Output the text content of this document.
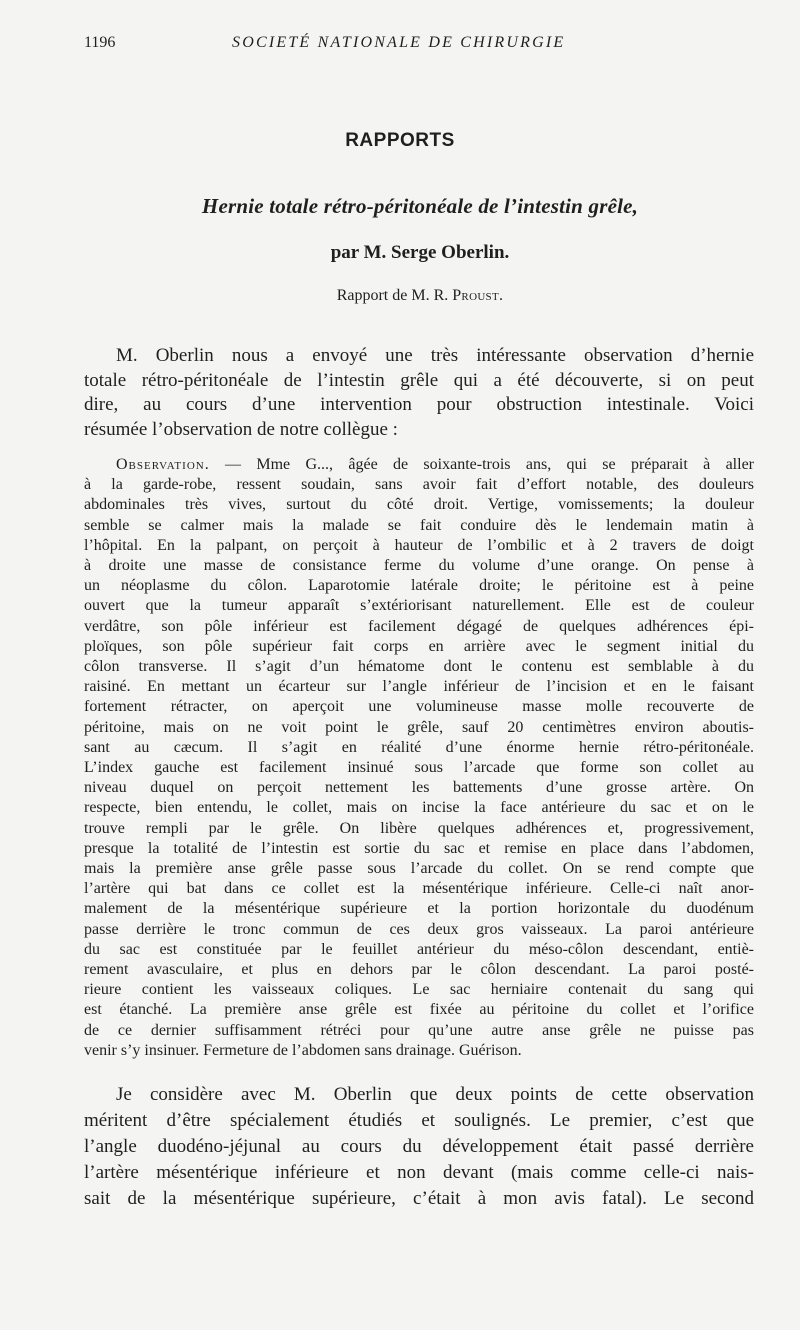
1196	SOCIETÉ NATIONALE DE CHIRURGIE
RAPPORTS
Hernie totale rétro-péritonéale de l’intestin grêle,
par M. Serge Oberlin.
Rapport de M. R. Proust.
M. Oberlin nous a envoyé une très intéressante observation d’hernie
totale rétro-péritonéale de l’intestin grêle qui a été découverte, si on peut
dire, au cours d’une intervention pour obstruction intestinale. Voici
résumée l’observation de notre collègue :
Observation. — Mme G..., âgée de soixante-trois ans, qui se préparait à aller
à la garde-robe, ressent soudain, sans avoir fait d’effort notable, des douleurs
abdominales très vives, surtout du côté droit. Vertige, vomissements; la douleur
semble se calmer mais la malade se fait conduire dès le lendemain matin à
l’hôpital. En la palpant, on perçoit à hauteur de l’ombilic et à 2 travers de doigt
à droite une masse de consistance ferme du volume d’une orange. On pense à
un néoplasme du côlon. Laparotomie latérale droite; le péritoine est à peine
ouvert que la tumeur apparaît s’extériorisant naturellement. Elle est de couleur
verdâtre, son pôle inférieur est facilement dégagé de quelques adhérences épi-
ploïques, son pôle supérieur fait corps en arrière avec le segment initial du
côlon transverse. Il s’agit d’un hématome dont le contenu est semblable à du
raisiné. En mettant un écarteur sur l’angle inférieur de l’incision et en le faisant
fortement rétracter, on aperçoit une volumineuse masse molle recouverte de
péritoine, mais on ne voit point le grêle, sauf 20 centimètres environ aboutis-
sant au cæcum. Il s’agit en réalité d’une énorme hernie rétro-péritonéale.
L’index gauche est facilement insinué sous l’arcade que forme son collet au
niveau duquel on perçoit nettement les battements d’une grosse artère. On
respecte, bien entendu, le collet, mais on incise la face antérieure du sac et on le
trouve rempli par le grêle. On libère quelques adhérences et, progressivement,
presque la totalité de l’intestin est sortie du sac et remise en place dans l’abdomen,
mais la première anse grêle passe sous l’arcade du collet. On se rend compte que
l’artère qui bat dans ce collet est la mésentérique inférieure. Celle-ci naît anor-
malement de la mésentérique supérieure et la portion horizontale du duodénum
passe derrière le tronc commun de ces deux gros vaisseaux. La paroi antérieure
du sac est constituée par le feuillet antérieur du méso-côlon descendant, entiè-
rement avasculaire, et plus en dehors par le côlon descendant. La paroi posté-
rieure contient les vaisseaux coliques. Le sac herniaire contenait du sang qui
est étanché. La première anse grêle est fixée au péritoine du collet et l’orifice
de ce dernier suffisamment rétréci pour qu’une autre anse grêle ne puisse pas
venir s’y insinuer. Fermeture de l’abdomen sans drainage. Guérison.
Je considère avec M. Oberlin que deux points de cette observation
méritent d’être spécialement étudiés et soulignés. Le premier, c’est que
l’angle duodéno-jéjunal au cours du développement était passé derrière
l’artère mésentérique inférieure et non devant (mais comme celle-ci nais-
sait de la mésentérique supérieure, c’était à mon avis fatal). Le second
